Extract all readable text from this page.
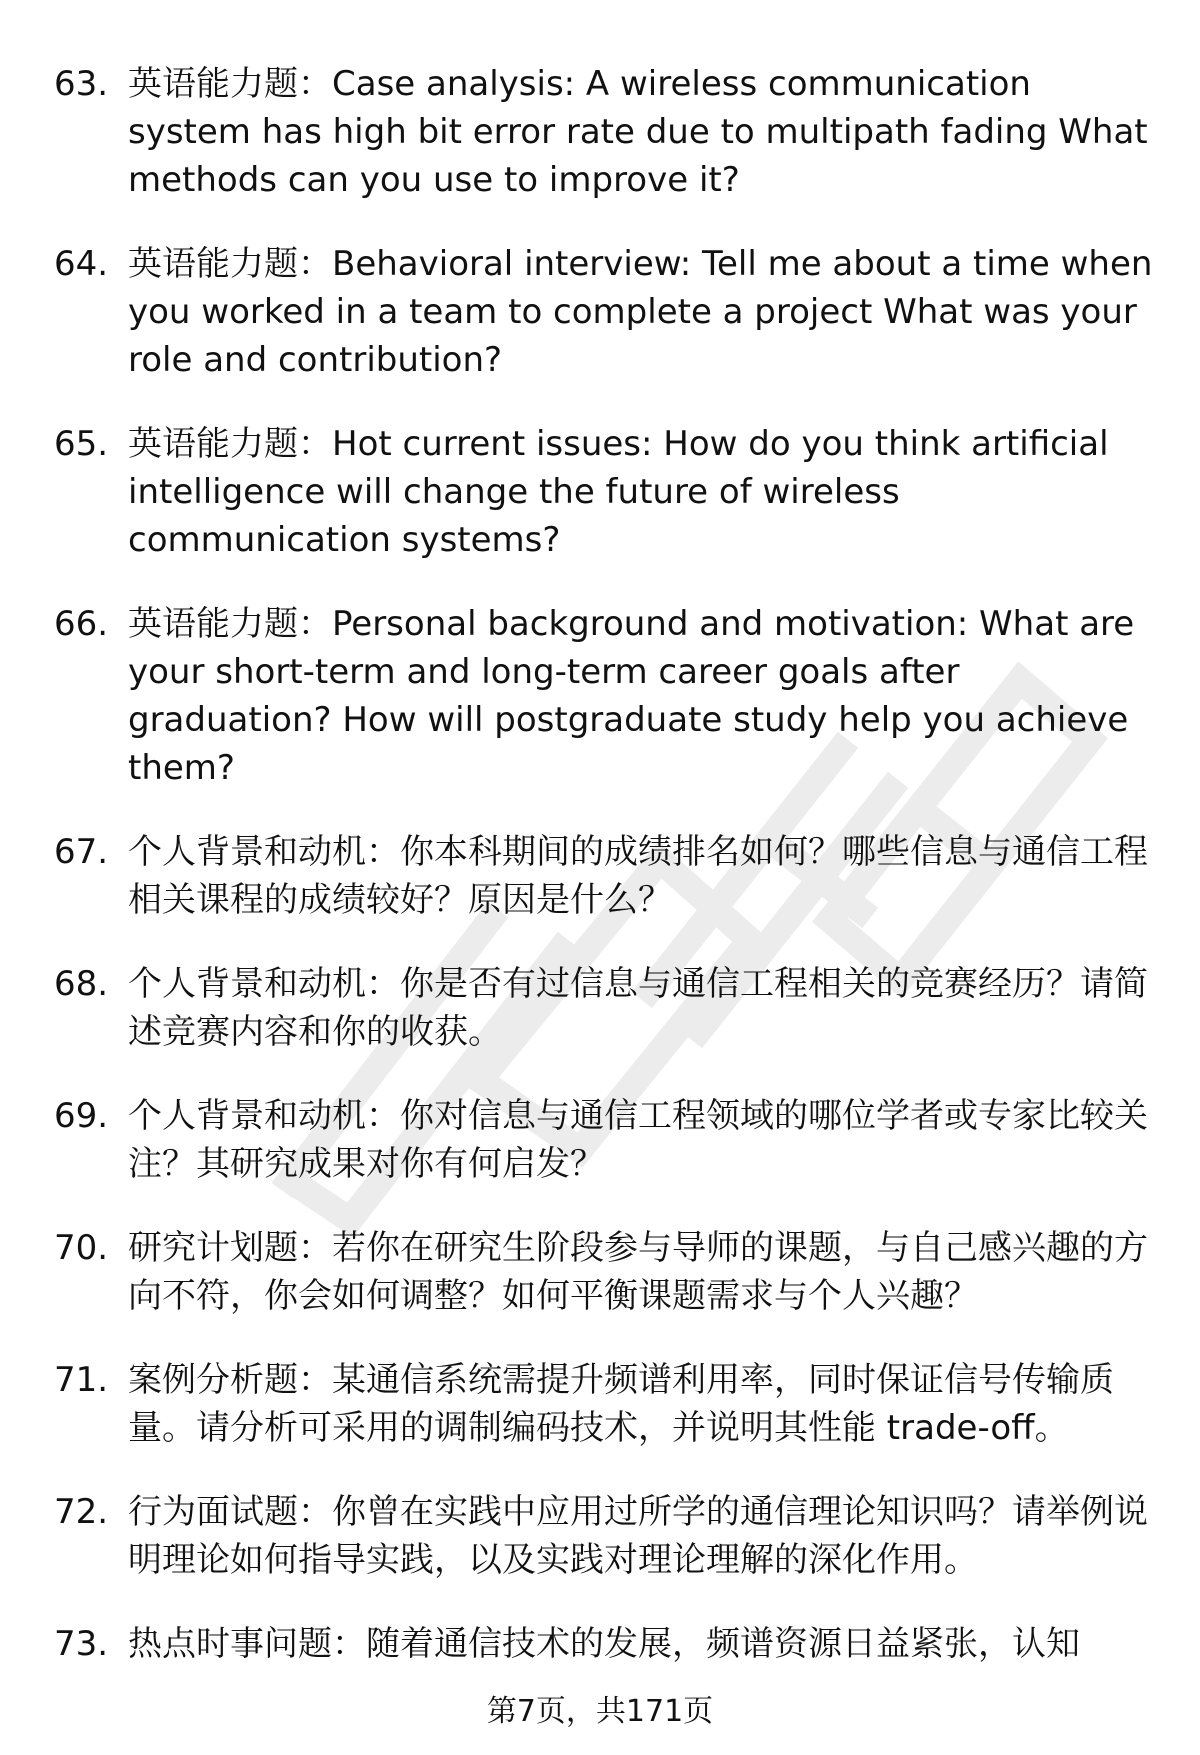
63. 英语能力题：Case analysis: A wireless communication system has high bit error rate due to multipath fading What methods can you use to improve it?
64. 英语能力题：Behavioral interview: Tell me about a time when you worked in a team to complete a project What was your role and contribution?
65. 英语能力题：Hot current issues: How do you think artificial intelligence will change the future of wireless communication systems?
66. 英语能力题：Personal background and motivation: What are your short-term and long-term career goals after graduation? How will postgraduate study help you achieve them?
67. 个人背景和动机：你本科期间的成绩排名如何？哪些信息与通信工程相关课程的成绩较好？原因是什么？
68. 个人背景和动机：你是否有过信息与通信工程相关的竞赛经历？请简述竞赛内容和你的收获。
69. 个人背景和动机：你对信息与通信工程领域的哪位学者或专家比较关注？其研究成果对你有何启发？
70. 研究计划题：若你在研究生阶段参与导师的课题，与自己感兴趣的方向不符，你会如何调整？如何平衡课题需求与个人兴趣？
71. 案例分析题：某通信系统需提升频谱利用率，同时保证信号传输质量。请分析可采用的调制编码技术，并说明其性能 trade-off。
72. 行为面试题：你曾在实践中应用过所学的通信理论知识吗？请举例说明理论如何指导实践，以及实践对理论理解的深化作用。
73. 热点时事问题：随着通信技术的发展，频谱资源日益紧张，认知
第7页，共171页
